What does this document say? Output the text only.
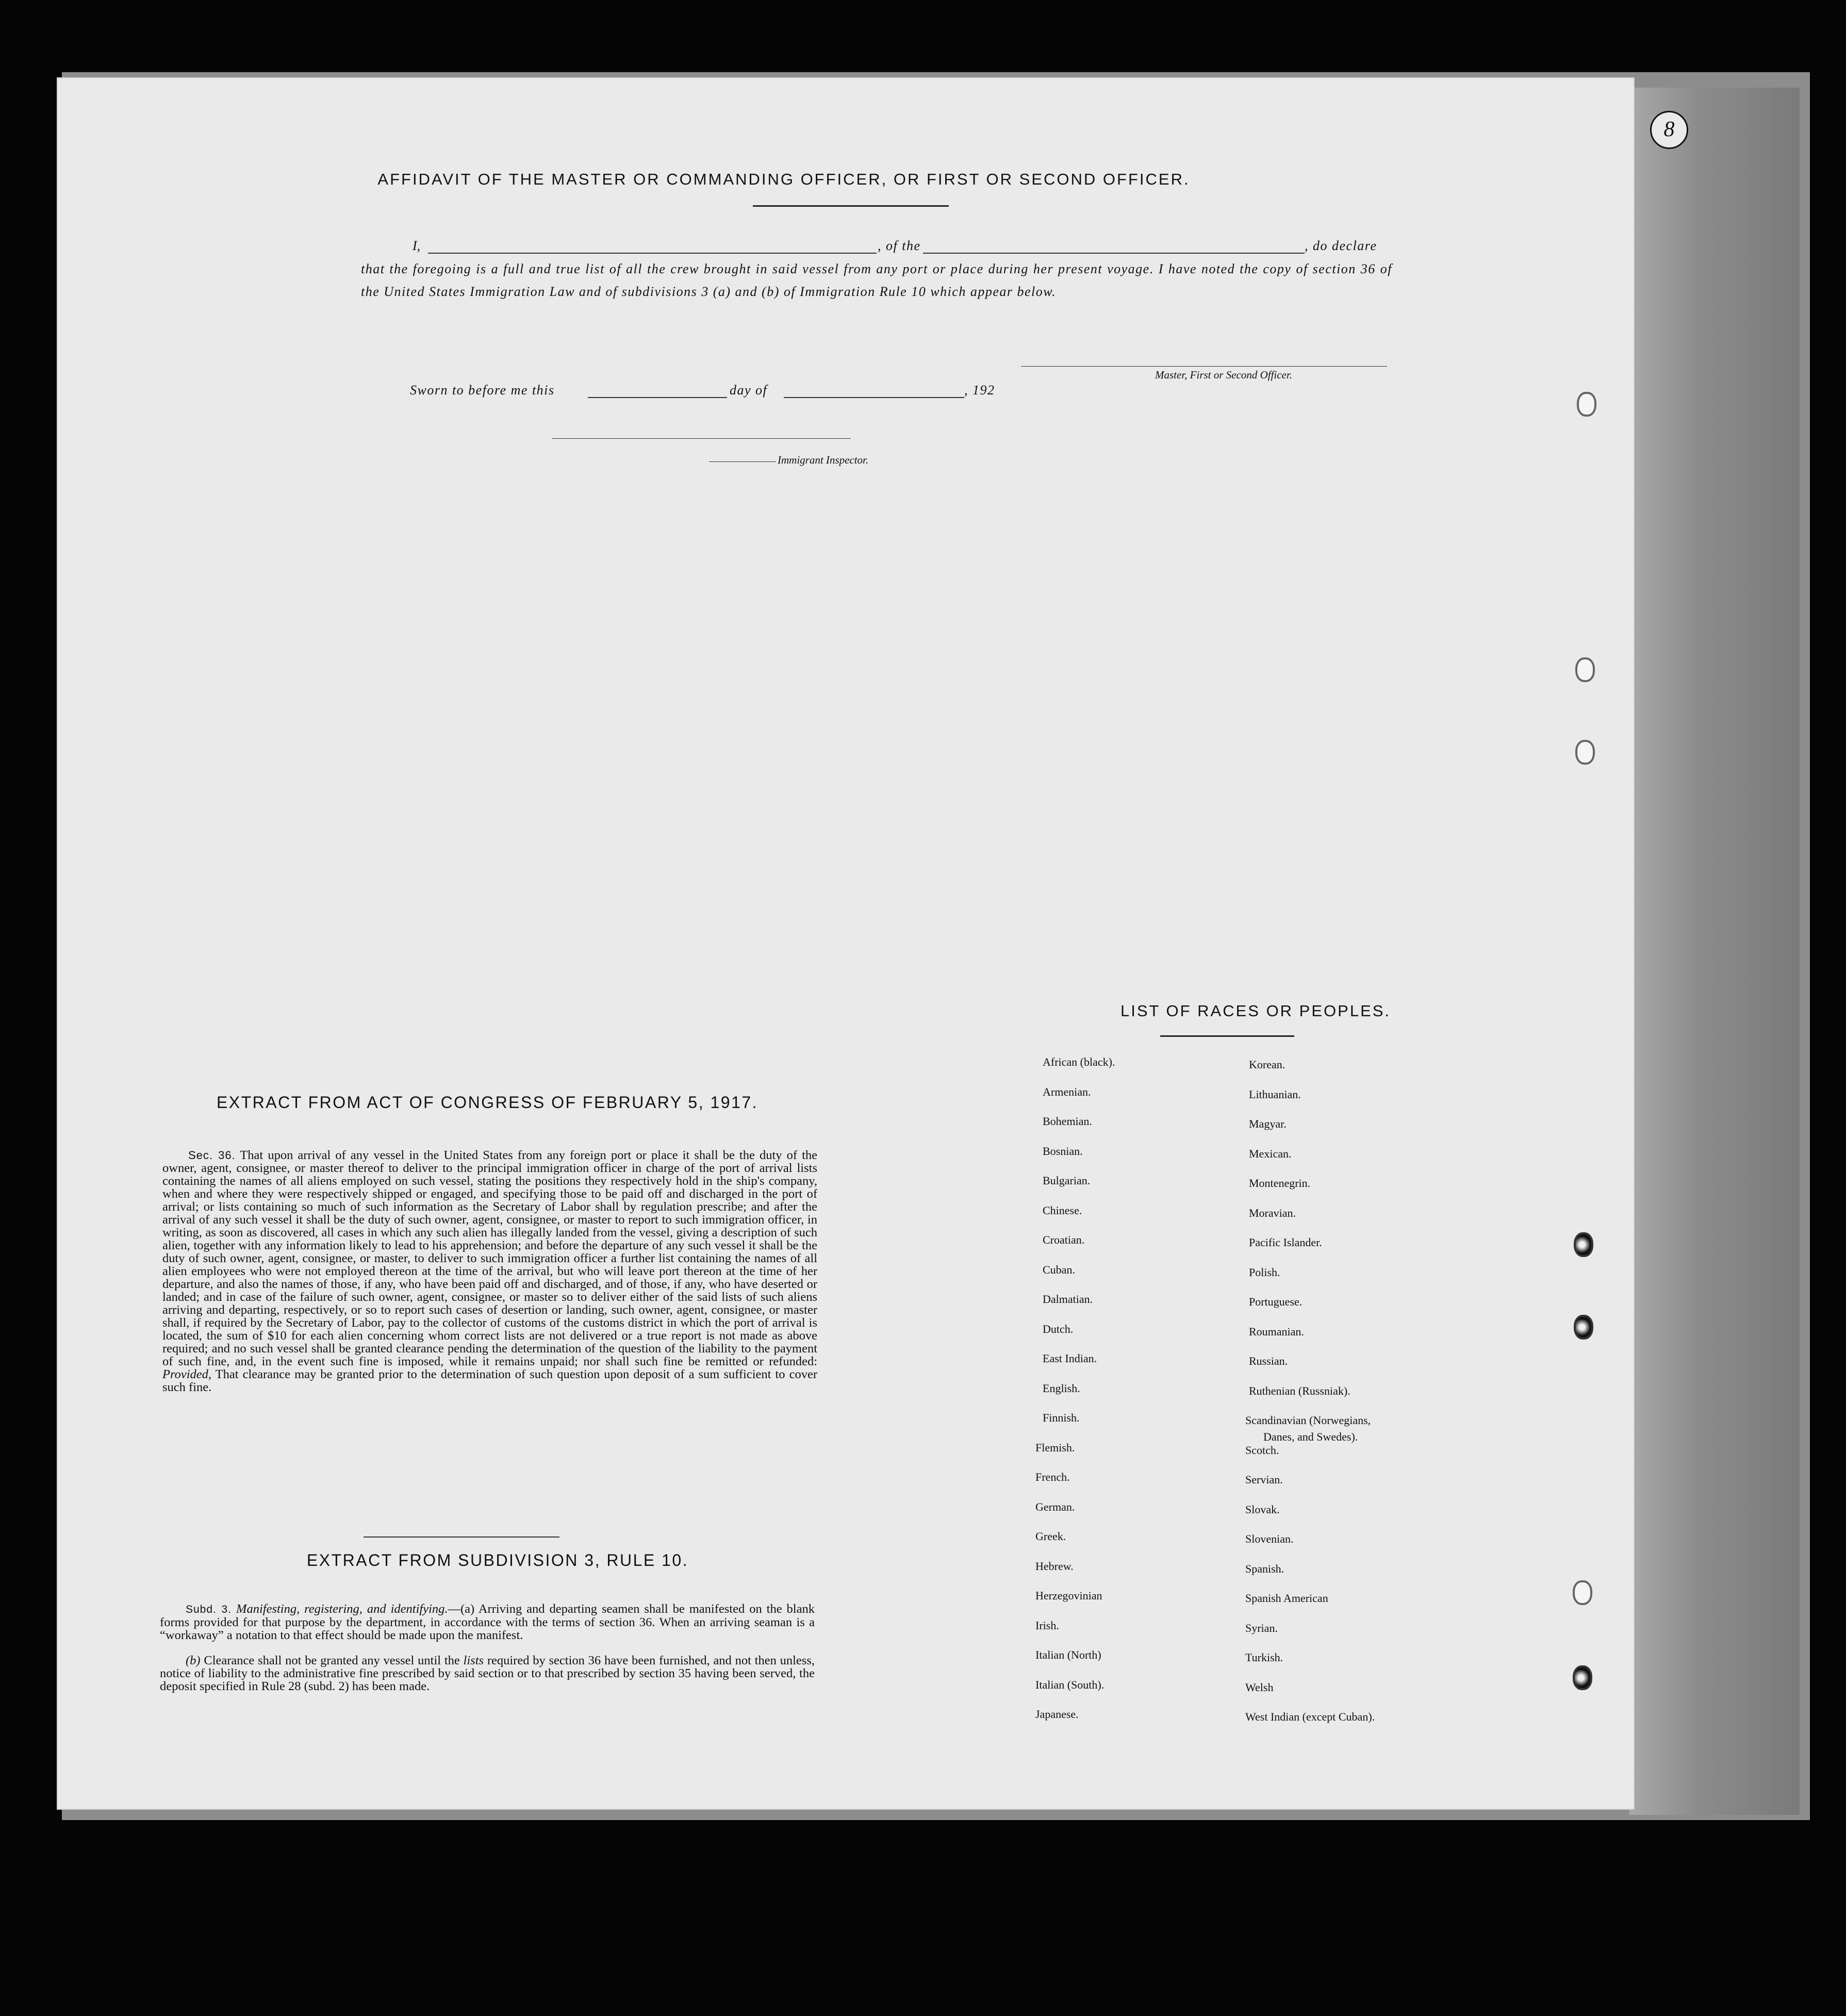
AFFIDAVIT OF THE MASTER OR COMMANDING OFFICER, OR FIRST OR SECOND OFFICER.
I,	, of the	, do declare
that the foregoing is a full and true list of all the crew brought in said vessel from any port or place during her present voyage. I have noted the copy of section 36 of the United States Immigration Law and of subdivisions 3 (a) and (b) of Immigration Rule 10 which appear below.
Master, First or Second Officer.
Sworn to before me this	day of	, 192
Immigrant Inspector.
EXTRACT FROM ACT OF CONGRESS OF FEBRUARY 5, 1917.
Sec. 36. That upon arrival of any vessel in the United States from any foreign port or place it shall be the duty of the owner, agent, consignee, or master thereof to deliver to the principal immigration officer in charge of the port of arrival lists containing the names of all aliens employed on such vessel, stating the positions they respectively hold in the ship's company, when and where they were respectively shipped or engaged, and specifying those to be paid off and discharged in the port of arrival; or lists containing so much of such information as the Secretary of Labor shall by regulation prescribe; and after the arrival of any such vessel it shall be the duty of such owner, agent, consignee, or master to report to such immigration officer, in writing, as soon as discovered, all cases in which any such alien has illegally landed from the vessel, giving a description of such alien, together with any information likely to lead to his apprehension; and before the departure of any such vessel it shall be the duty of such owner, agent, consignee, or master, to deliver to such immigration officer a further list containing the names of all alien employees who were not employed thereon at the time of the arrival, but who will leave port thereon at the time of her departure, and also the names of those, if any, who have been paid off and discharged, and of those, if any, who have deserted or landed; and in case of the failure of such owner, agent, consignee, or master so to deliver either of the said lists of such aliens arriving and departing, respectively, or so to report such cases of desertion or landing, such owner, agent, consignee, or master shall, if required by the Secretary of Labor, pay to the collector of customs of the customs district in which the port of arrival is located, the sum of $10 for each alien concerning whom correct lists are not delivered or a true report is not made as above required; and no such vessel shall be granted clearance pending the determination of the question of the liability to the payment of such fine, and, in the event such fine is imposed, while it remains unpaid; nor shall such fine be remitted or refunded: Provided, That clearance may be granted prior to the determination of such question upon deposit of a sum sufficient to cover such fine.
EXTRACT FROM SUBDIVISION 3, RULE 10.
Subd. 3. Manifesting, registering, and identifying.—(a) Arriving and departing seamen shall be manifested on the blank forms provided for that purpose by the department, in accordance with the terms of section 36. When an arriving seaman is a “workaway” a notation to that effect should be made upon the manifest.
(b) Clearance shall not be granted any vessel until the lists required by section 36 have been furnished, and not then unless, notice of liability to the administrative fine prescribed by said section or to that prescribed by section 35 having been served, the deposit specified in Rule 28 (subd. 2) has been made.
LIST OF RACES OR PEOPLES.
Danes, and Swedes).
African (black).
Armenian.
Bohemian.
Bosnian.
Bulgarian.
Chinese.
Croatian.
Cuban.
Dalmatian.
Dutch.
East Indian.
English.
Finnish.
Flemish.
French.
German.
Greek.
Hebrew.
Herzegovinian
Irish.
Italian (North)
Italian (South).
Japanese.
Korean.
Lithuanian.
Magyar.
Mexican.
Montenegrin.
Moravian.
Pacific Islander.
Polish.
Portuguese.
Roumanian.
Russian.
Ruthenian (Russniak).
Scandinavian (Norwegians,
Scotch.
Servian.
Slovak.
Slovenian.
Spanish.
Spanish American
Syrian.
Turkish.
Welsh
West Indian (except Cuban).
8
